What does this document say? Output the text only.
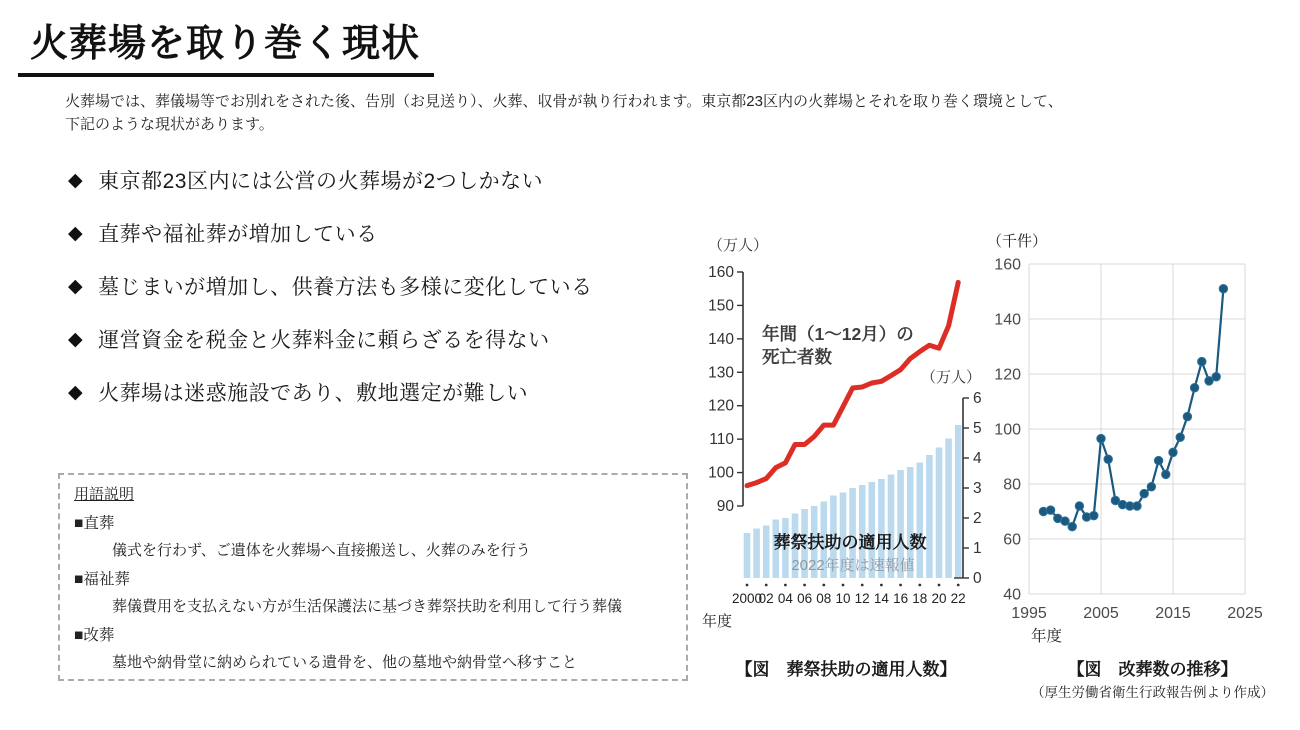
火葬場を取り巻く現状
火葬場では、葬儀場等でお別れをされた後、告別（お見送り）、火葬、収骨が執り行われます。東京都23区内の火葬場とそれを取り巻く環境として、
下記のような現状があります。
◆ 東京都23区内には公営の火葬場が2つしかない
◆ 直葬や福祉葬が増加している
◆ 墓じまいが増加し、供養方法も多様に変化している
◆ 運営資金を税金と火葬料金に頼らざるを得ない
◆ 火葬場は迷惑施設であり、敷地選定が難しい
用語説明
■直葬
儀式を行わず、ご遺体を火葬場へ直接搬送し、火葬のみを行う
■福祉葬
葬儀費用を支払えない方が生活保護法に基づき葬祭扶助を利用して行う葬儀
■改葬
墓地や納骨堂に納められている遺骨を、他の墓地や納骨堂へ移すこと
90
100
110
120
130
140
150
160
（万人）
0
1
2
3
4
5
6
（万人）
年間（1～12月）の
死亡者数
葬祭扶助の適用人数
2022年度は速報値
2000
02 04 06 08 10 12 14 16 18 20 22
年度
40
60
80
100
120
140
160
1995 2005 2015 2025
（千件）
年度
【図　葬祭扶助の適用人数】	【図　改葬数の推移】
（厚生労働省衛生行政報告例より作成）
